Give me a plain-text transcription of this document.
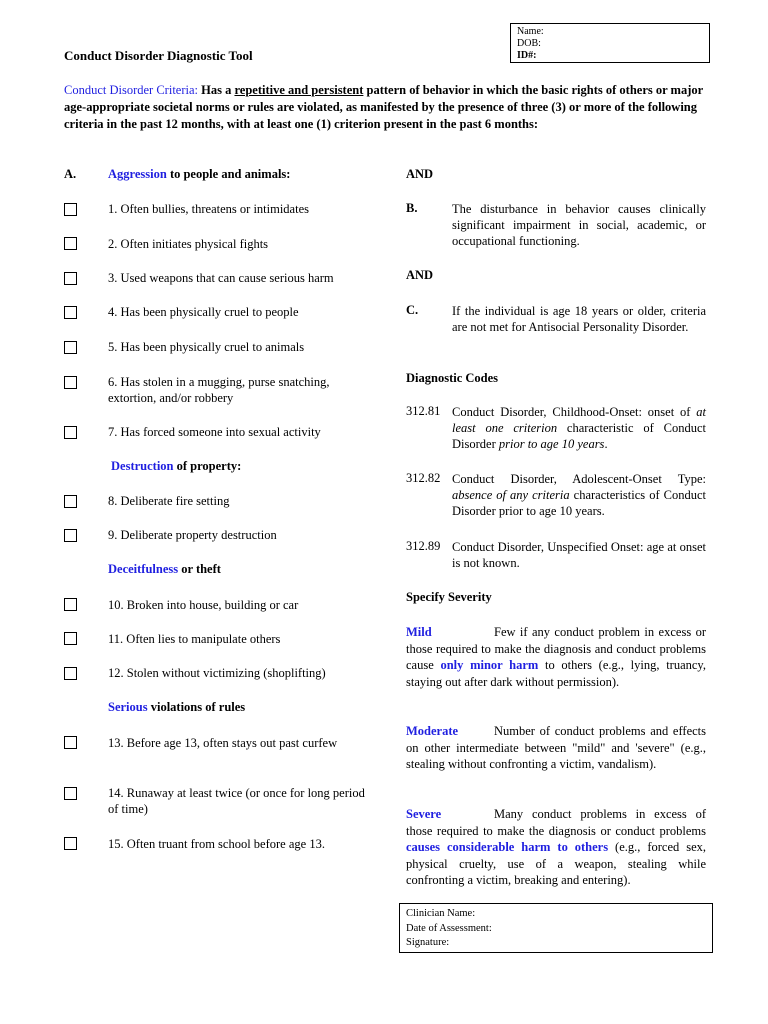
Conduct Disorder Diagnostic Tool
Name:
DOB:
ID#:
Conduct Disorder Criteria: Has a repetitive and persistent pattern of behavior in which the basic rights of others or major age-appropriate societal norms or rules are violated, as manifested by the presence of three (3) or more of the following criteria in the past 12 months, with at least one (1) criterion present in the past 6 months:
A.	Aggression to people and animals:
1. Often bullies, threatens or intimidates
2. Often initiates physical fights
3. Used weapons that can cause serious harm
4. Has been physically cruel to people
5. Has been physically cruel to animals
6. Has stolen in a mugging, purse snatching, extortion, and/or robbery
7. Has forced someone into sexual activity
Destruction of property:
8. Deliberate fire setting
9. Deliberate property destruction
Deceitfulness or theft
10. Broken into house, building or car
11. Often lies to manipulate others
12. Stolen without victimizing (shoplifting)
Serious violations of rules
13. Before age 13, often stays out past curfew
14. Runaway at least twice (or once for long period of time)
15. Often truant from school before age 13.
AND
B.	The disturbance in behavior causes clinically significant impairment in social, academic, or occupational functioning.
AND
C.	If the individual is age 18 years or older, criteria are not met for Antisocial Personality Disorder.
Diagnostic Codes
312.81 Conduct Disorder, Childhood-Onset: onset of at least one criterion characteristic of Conduct Disorder prior to age 10 years.
312.82 Conduct Disorder, Adolescent-Onset Type: absence of any criteria characteristics of Conduct Disorder prior to age 10 years.
312.89 Conduct Disorder, Unspecified Onset: age at onset is not known.
Specify Severity
Mild	Few if any conduct problem in excess or those required to make the diagnosis and conduct problems cause only minor harm to others (e.g., lying, truancy, staying out after dark without permission).
Moderate	Number of conduct problems and effects on other intermediate between "mild" and 'severe" (e.g., stealing without confronting a victim, vandalism).
Severe	Many conduct problems in excess of those required to make the diagnosis or conduct problems causes considerable harm to others (e.g., forced sex, physical cruelty, use of a weapon, stealing while confronting a victim, breaking and entering).
Clinician Name:
Date of Assessment:
Signature:
